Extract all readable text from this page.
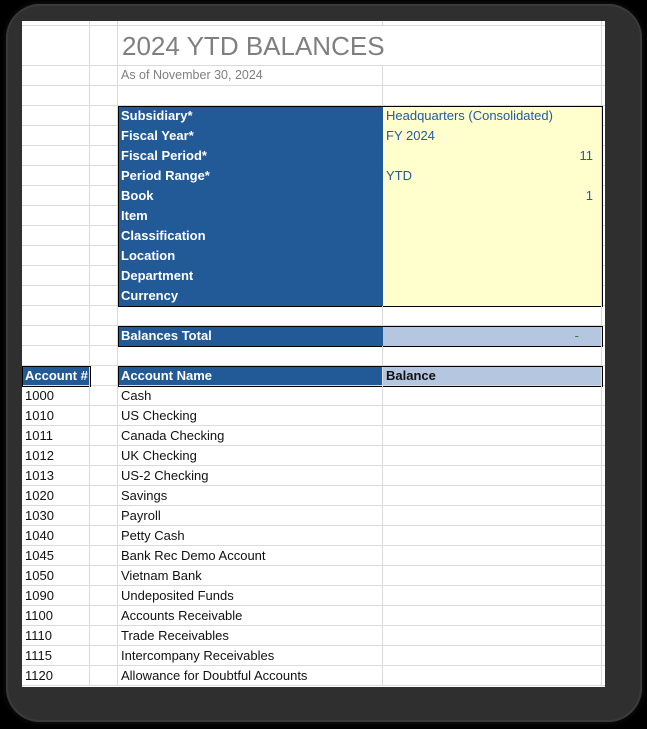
2024 YTD BALANCES
As of November 30, 2024
Subsidiary*	Headquarters (Consolidated)
Fiscal Year*	FY 2024
Fiscal Period*	11
Period Range*	YTD
Book	1
Item
Classification
Location
Department
Currency
Balances Total	-
Account #	Account Name	Balance
1000	Cash
1010	US Checking
1011	Canada Checking
1012	UK Checking
1013	US-2 Checking
1020	Savings
1030	Payroll
1040	Petty Cash
1045	Bank Rec Demo Account
1050	Vietnam Bank
1090	Undeposited Funds
1100	Accounts Receivable
1110	Trade Receivables
1115	Intercompany Receivables
1120	Allowance for Doubtful Accounts
